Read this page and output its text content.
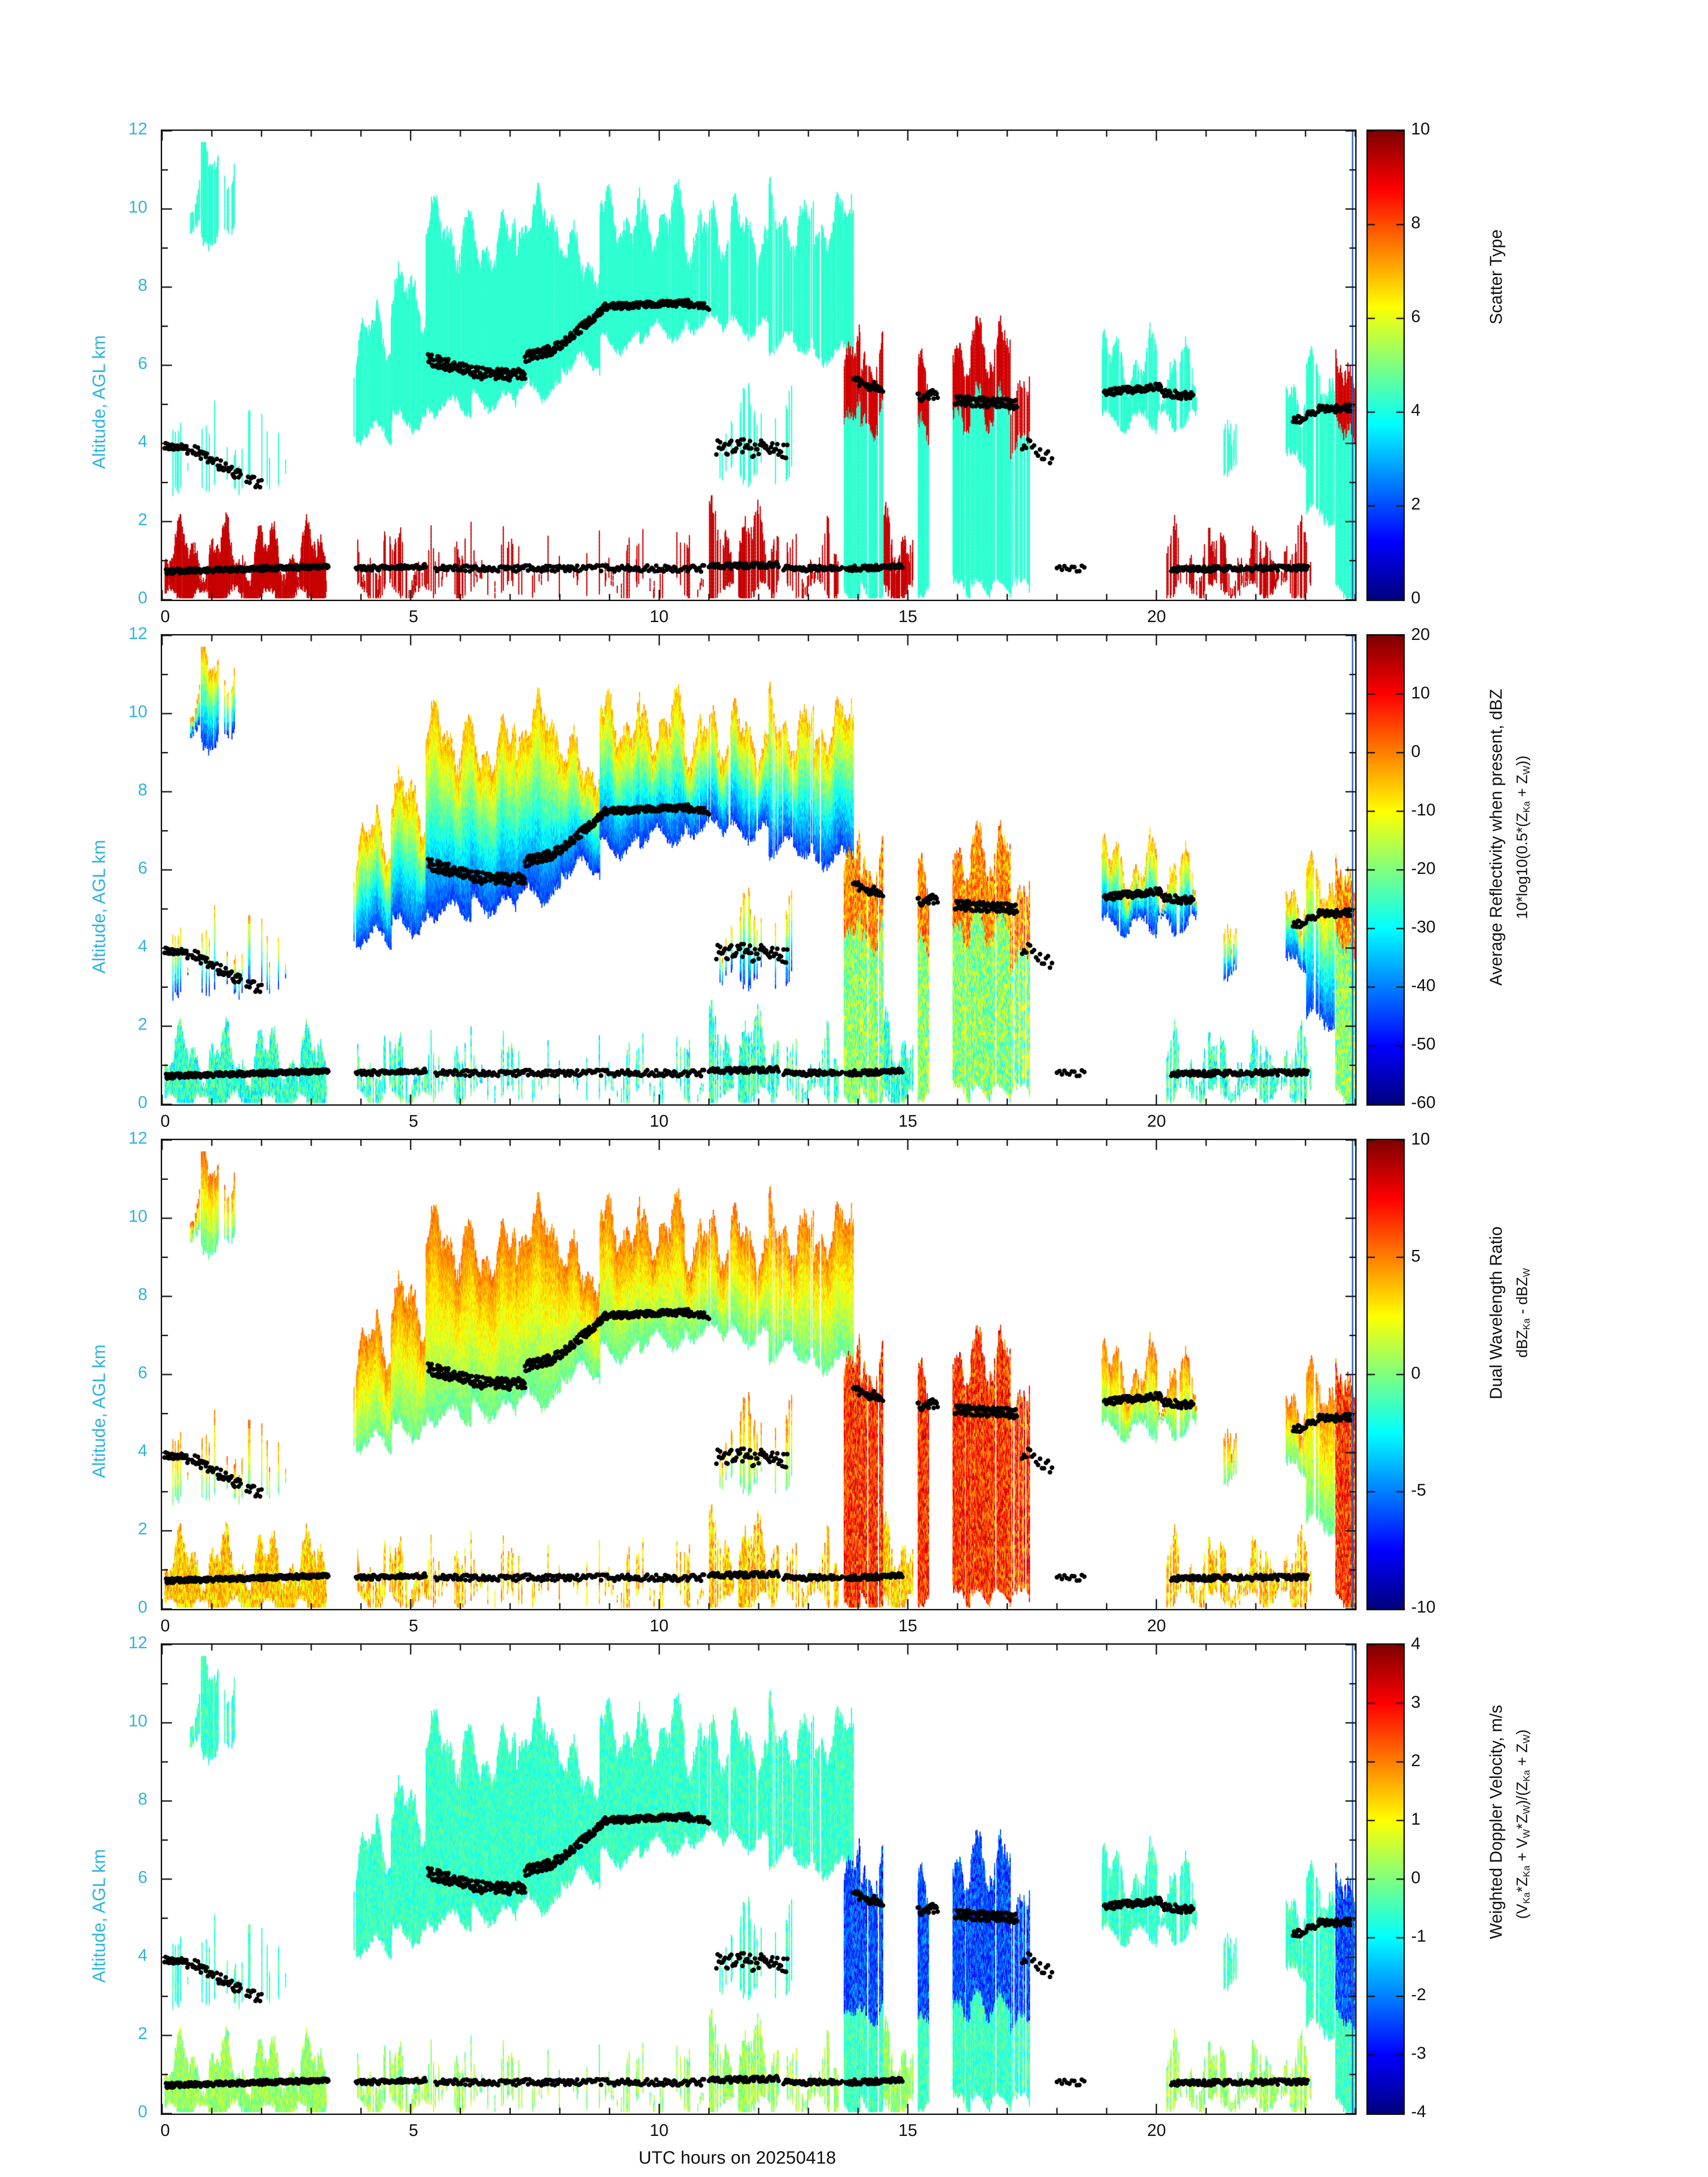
Altitude, AGL km
0
2
4
6
8
10
12
0	5	10	15	20
0
2
4
6
8
10
Scatter Type
Altitude, AGL km
0
2
4
6
8
10
12
0	5	10	15	20
-60
-50
-40
-30
-20
-10
0
10
20
Average Reflectivity when present, dBZ $10*\log 10(0.5*(Z_{Ka} + Z_W))$
Altitude, AGL km
0
2
4
6
8
10
12
0	5	10	15	20
-10
-5
0
5
10
Dual Wavelength Ratio dBZ$_{Ka}$ - dBZ$_W$
Altitude, AGL km
UTC hours on 20250418
0
2
4
6
8
10
12
0	5	10	15	20
-4
-3
-2
-1
0
1
2
3
4
Weighted Doppler Velocity, m/s $(V_{Ka}*Z_{Ka} + V_W*Z_W)/(Z_{Ka} + Z_W)$
